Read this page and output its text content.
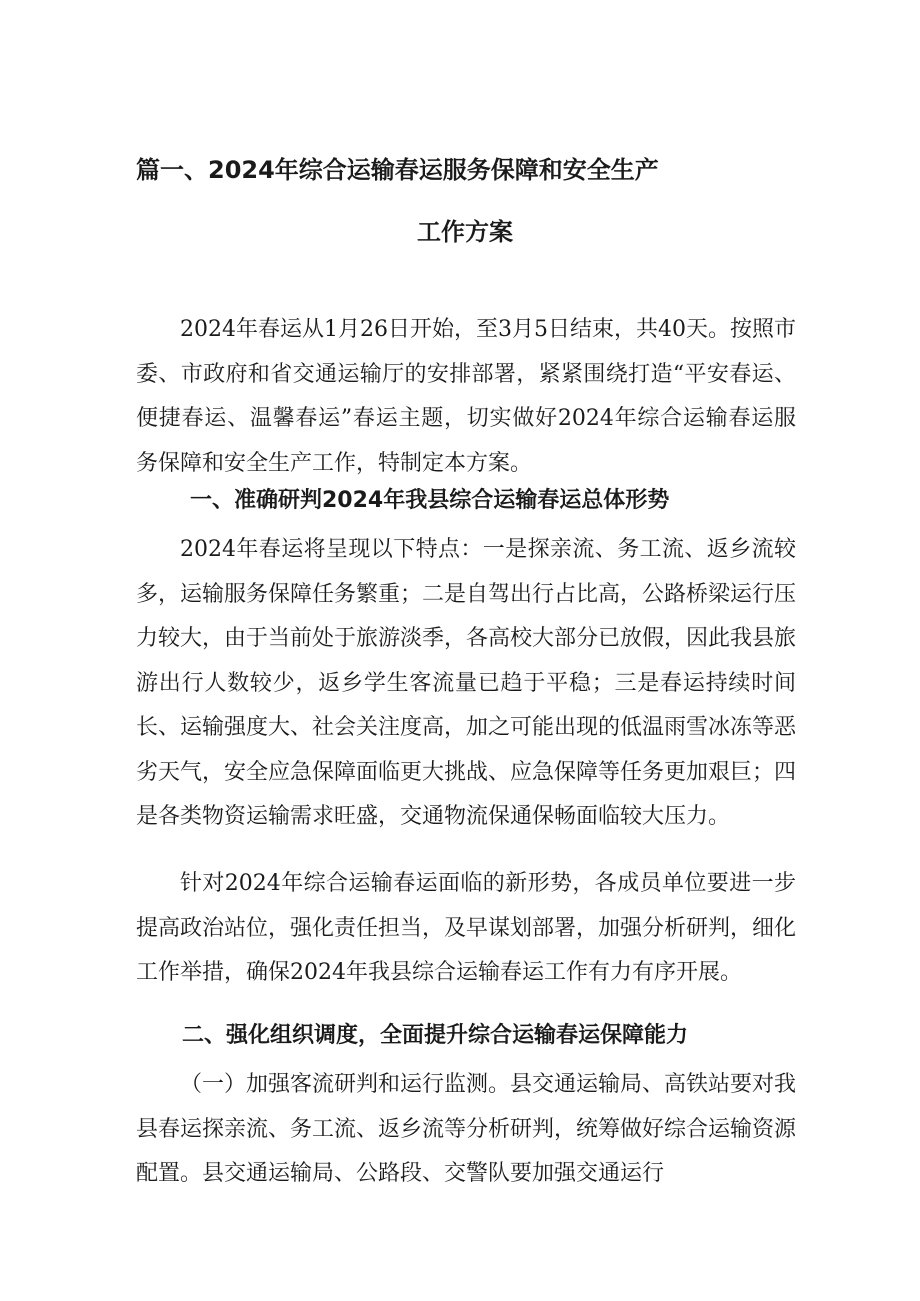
篇一、2024年综合运输春运服务保障和安全生产
工作方案

2024年春运从1月26日开始，至3月5日结束，共40天。按照市委、市政府和省交通运输厅的安排部署，紧紧围绕打造“平安春运、便捷春运、温馨春运”春运主题，切实做好2024年综合运输春运服务保障和安全生产工作，特制定本方案。

一、准确研判2024年我县综合运输春运总体形势

2024年春运将呈现以下特点：一是探亲流、务工流、返乡流较多，运输服务保障任务繁重；二是自驾出行占比高，公路桥梁运行压力较大，由于当前处于旅游淡季，各高校大部分已放假，因此我县旅游出行人数较少，返乡学生客流量已趋于平稳；三是春运持续时间长、运输强度大、社会关注度高，加之可能出现的低温雨雪冰冻等恶劣天气，安全应急保障面临更大挑战、应急保障等任务更加艰巨；四是各类物资运输需求旺盛，交通物流保通保畅面临较大压力。

针对2024年综合运输春运面临的新形势，各成员单位要进一步提高政治站位，强化责任担当，及早谋划部署，加强分析研判，细化工作举措，确保2024年我县综合运输春运工作有力有序开展。

二、强化组织调度，全面提升综合运输春运保障能力

（一）加强客流研判和运行监测。县交通运输局、高铁站要对我县春运探亲流、务工流、返乡流等分析研判，统筹做好综合运输资源配置。县交通运输局、公路段、交警队要加强交通运行
